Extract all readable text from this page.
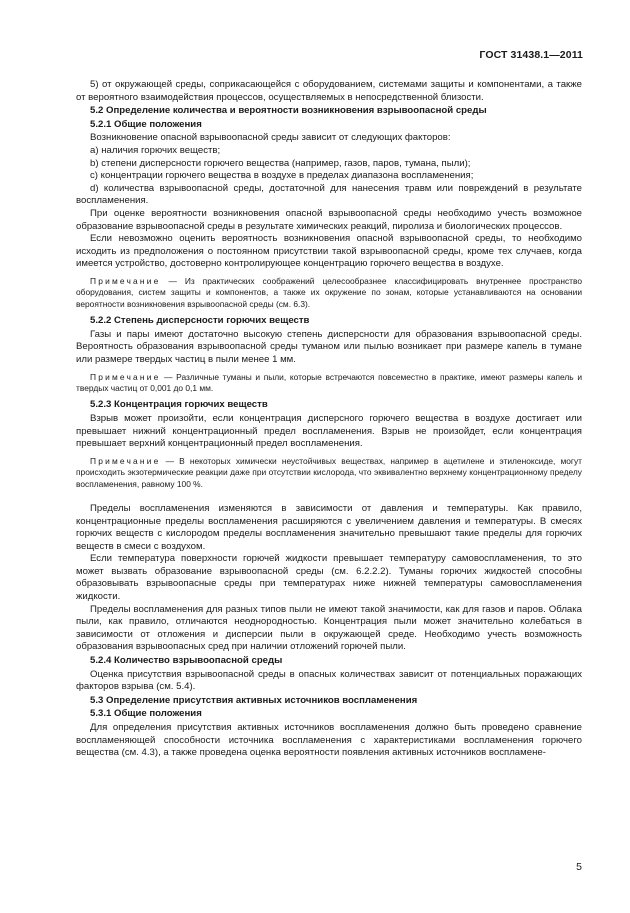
ГОСТ 31438.1—2011

5) от окружающей среды, соприкасающейся с оборудованием, системами защиты и компонентами, а также от вероятного взаимодействия процессов, осуществляемых в непосредственной близости.

5.2 Определение количества и вероятности возникновения взрывоопасной среды

5.2.1 Общие положения

Возникновение опасной взрывоопасной среды зависит от следующих факторов:

a) наличия горючих веществ;

b) степени дисперсности горючего вещества (например, газов, паров, тумана, пыли);

c) концентрации горючего вещества в воздухе в пределах диапазона воспламенения;

d) количества взрывоопасной среды, достаточной для нанесения травм или повреждений в результате воспламенения.

При оценке вероятности возникновения опасной взрывоопасной среды необходимо учесть возможное образование взрывоопасной среды в результате химических реакций, пиролиза и биологических процессов.

Если невозможно оценить вероятность возникновения опасной взрывоопасной среды, то необходимо исходить из предположения о постоянном присутствии такой взрывоопасной среды, кроме тех случаев, когда имеется устройство, достоверно контролирующее концентрацию горючего вещества в воздухе.

Примечание — Из практических соображений целесообразнее классифицировать внутреннее пространство оборудования, систем защиты и компонентов, а также их окружение по зонам, которые устанавливаются на основании вероятности возникновения взрывоопасной среды (см. 6.3).

5.2.2 Степень дисперсности горючих веществ

Газы и пары имеют достаточно высокую степень дисперсности для образования взрывоопасной среды. Вероятность образования взрывоопасной среды туманом или пылью возникает при размере капель в тумане или размере твердых частиц в пыли менее 1 мм.

Примечание — Различные туманы и пыли, которые встречаются повсеместно в практике, имеют размеры капель и твердых частиц от 0,001 до 0,1 мм.

5.2.3 Концентрация горючих веществ

Взрыв может произойти, если концентрация дисперсного горючего вещества в воздухе достигает или превышает нижний концентрационный предел воспламенения. Взрыв не произойдет, если концентрация превышает верхний концентрационный предел воспламенения.

Примечание — В некоторых химически неустойчивых веществах, например в ацетилене и этиленоксиде, могут происходить экзотермические реакции даже при отсутствии кислорода, что эквивалентно верхнему концентрационному пределу воспламенения, равному 100 %.

Пределы воспламенения изменяются в зависимости от давления и температуры. Как правило, концентрационные пределы воспламенения расширяются с увеличением давления и температуры. В смесях горючих веществ с кислородом пределы воспламенения значительно превышают такие пределы для горючих веществ в смеси с воздухом.

Если температура поверхности горючей жидкости превышает температуру самовоспламенения, то это может вызвать образование взрывоопасной среды (см. 6.2.2.2). Туманы горючих жидкостей способны образовывать взрывоопасные среды при температурах ниже нижней температуры самовоспламенения жидкости.

Пределы воспламенения для разных типов пыли не имеют такой значимости, как для газов и паров. Облака пыли, как правило, отличаются неоднородностью. Концентрация пыли может значительно колебаться в зависимости от отложения и дисперсии пыли в окружающей среде. Необходимо учесть возможность образования взрывоопасных сред при наличии отложений горючей пыли.

5.2.4 Количество взрывоопасной среды

Оценка присутствия взрывоопасной среды в опасных количествах зависит от потенциальных поражающих факторов взрыва (см. 5.4).

5.3 Определение присутствия активных источников воспламенения

5.3.1 Общие положения

Для определения присутствия активных источников воспламенения должно быть проведено сравнение воспламеняющей способности источника воспламенения с характеристиками воспламенения горючего вещества (см. 4.3), а также проведена оценка вероятности появления активных источников воспламене-

5
